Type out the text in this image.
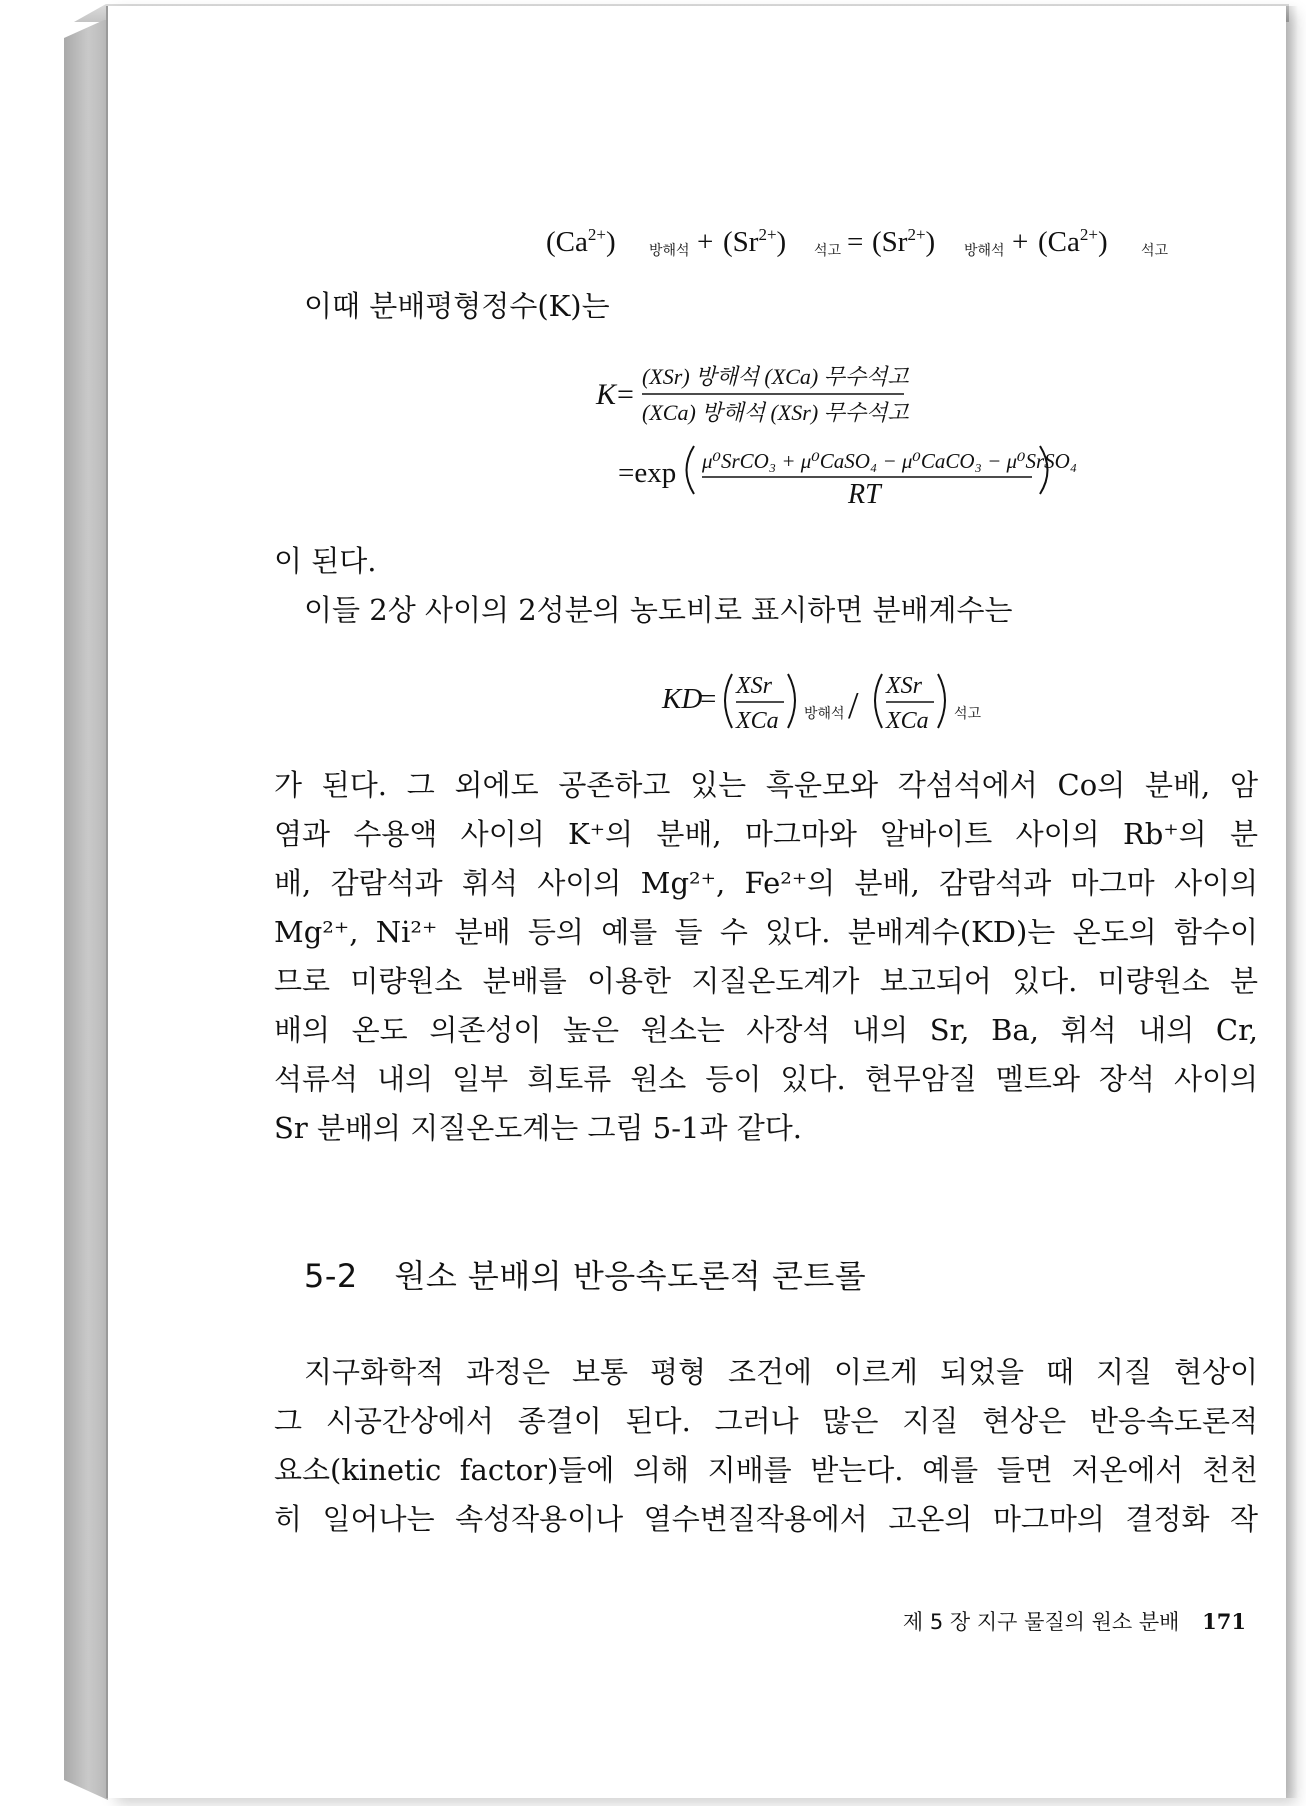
$(Ca^{2+})$ 방해석 + $(Sr^{2+})$ 석고 = $(Sr^{2+})$ 방해석 + $(Ca^{2+})$ 석고
이때 분배평형정수(K)는
K =
(XSr) 방해석 (XCa) 무수석고
(XCa) 방해석 (XSr) 무수석고
=exp μ⁰SrCO₃ + μ⁰CaSO₄ − μ⁰CaCO₃ − μ⁰SrSO₄
RT
이 된다.
이들 2상 사이의 2성분의 농도비로 표시하면 분배계수는
KD
= XSr
XCa 방해석 / XSr
XCa 석고
가 된다. 그 외에도 공존하고 있는 흑운모와 각섬석에서 Co의 분배, 암
염과 수용액 사이의 K⁺의 분배, 마그마와 알바이트 사이의 Rb⁺의 분
배, 감람석과 휘석 사이의 Mg²⁺, Fe²⁺의 분배, 감람석과 마그마 사이의
Mg²⁺, Ni²⁺ 분배 등의 예를 들 수 있다. 분배계수(KD)는 온도의 함수이
므로 미량원소 분배를 이용한 지질온도계가 보고되어 있다. 미량원소 분
배의 온도 의존성이 높은 원소는 사장석 내의 Sr, Ba, 휘석 내의 Cr,
석류석 내의 일부 희토류 원소 등이 있다. 현무암질 멜트와 장석 사이의
Sr 분배의 지질온도계는 그림 5-1과 같다.
5-2 원소 분배의 반응속도론적 콘트롤
지구화학적 과정은 보통 평형 조건에 이르게 되었을 때 지질 현상이
그 시공간상에서 종결이 된다. 그러나 많은 지질 현상은 반응속도론적
요소(kinetic factor)들에 의해 지배를 받는다. 예를 들면 저온에서 천천
히 일어나는 속성작용이나 열수변질작용에서 고온의 마그마의 결정화 작
제 5 장 지구 물질의 원소 분배 171
